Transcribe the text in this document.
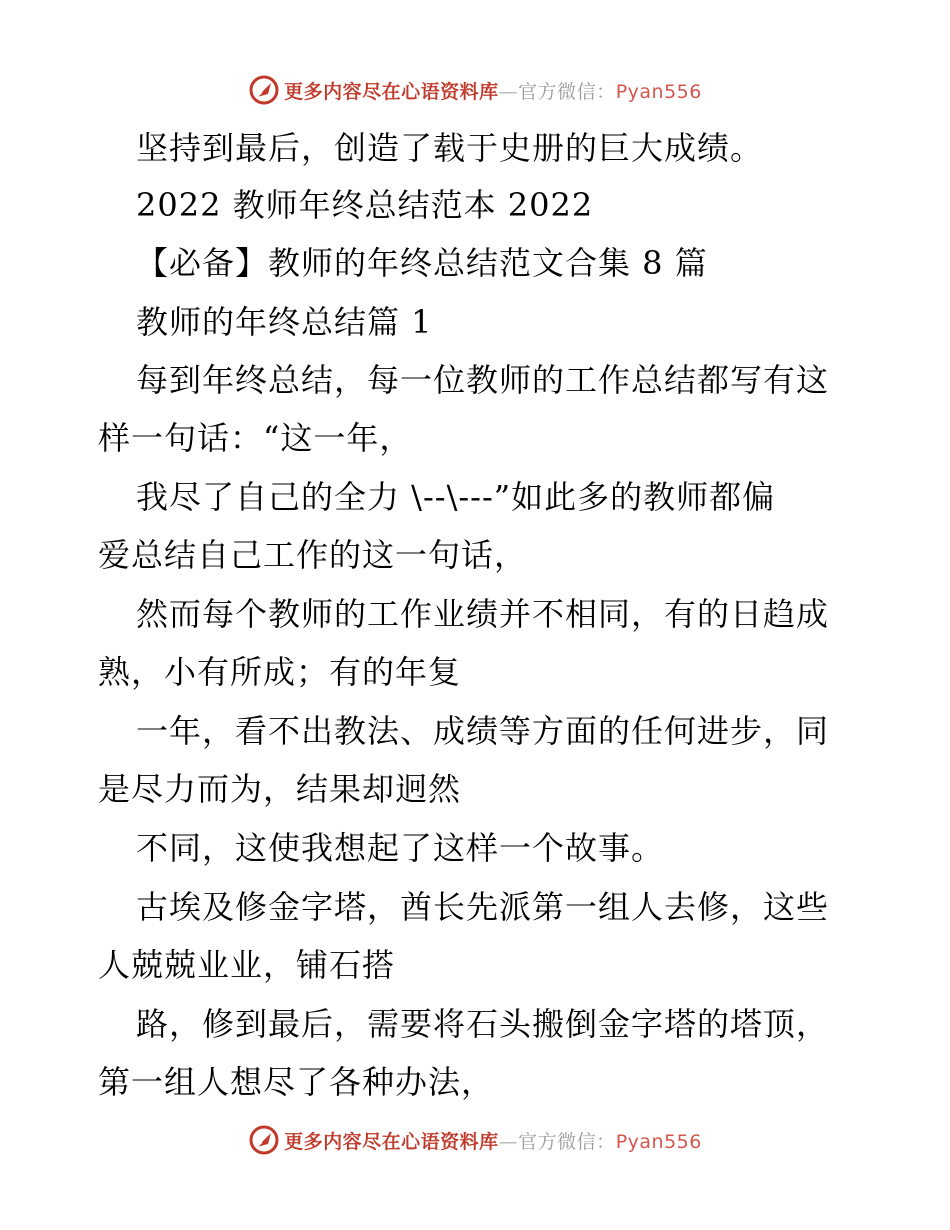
更多内容尽在心语资料库—官方微信：Pyan556
坚持到最后，创造了载于史册的巨大成绩。
2022 教师年终总结范本 2022
【必备】教师的年终总结范文合集 8 篇
教师的年终总结篇 1
每到年终总结，每一位教师的工作总结都写有这
样一句话：“这一年，
我尽了自己的全力 \--\---”如此多的教师都偏
爱总结自己工作的这一句话，
然而每个教师的工作业绩并不相同，有的日趋成
熟，小有所成；有的年复
一年，看不出教法、成绩等方面的任何进步，同
是尽力而为，结果却迥然
不同，这使我想起了这样一个故事。
古埃及修金字塔，酋长先派第一组人去修，这些
人兢兢业业，铺石搭
路，修到最后，需要将石头搬倒金字塔的塔顶，
第一组人想尽了各种办法，
更多内容尽在心语资料库—官方微信：Pyan556
